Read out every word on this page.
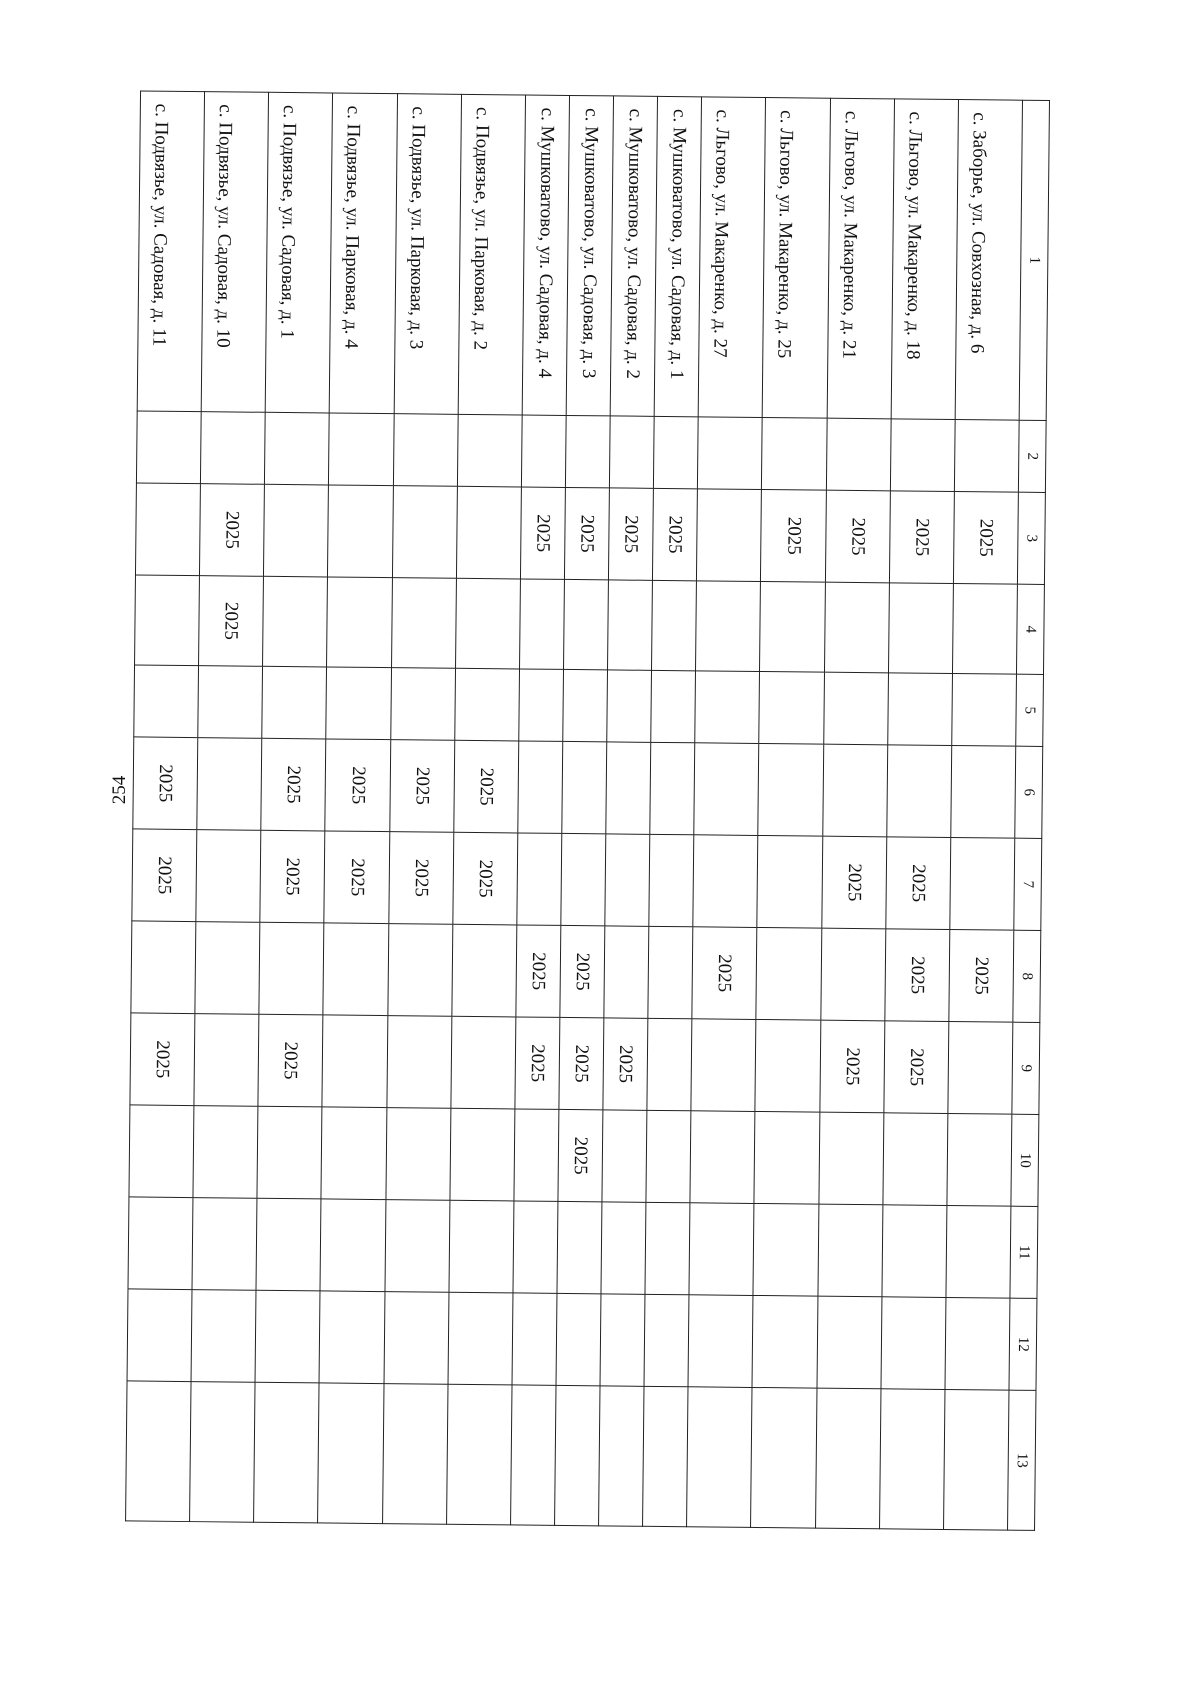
254
1	2	3	4	5	6	7	8	9	10	11	12	13
с. Заборье, ул. Совхозная, д. 6		2025					2025					
с. Льгово, ул. Макаренко, д. 18		2025				2025	2025	2025				
с. Льгово, ул. Макаренко, д. 21		2025				2025		2025				
с. Льгово, ул. Макаренко, д. 25		2025										
с. Льгово, ул. Макаренко, д. 27							2025					
с. Мушковатово, ул. Садовая, д. 1		2025										
с. Мушковатово, ул. Садовая, д. 2		2025						2025				
с. Мушковатово, ул. Садовая, д. 3		2025					2025	2025	2025			
с. Мушковатово, ул. Садовая, д. 4		2025					2025	2025				
с. Подвязье, ул. Парковая, д. 2					2025	2025						
с. Подвязье, ул. Парковая, д. 3					2025	2025						
с. Подвязье, ул. Парковая, д. 4					2025	2025						
с. Подвязье, ул. Садовая, д. 1					2025	2025		2025				
с. Подвязье, ул. Садовая, д. 10		2025	2025									
с. Подвязье, ул. Садовая, д. 11					2025	2025		2025				
